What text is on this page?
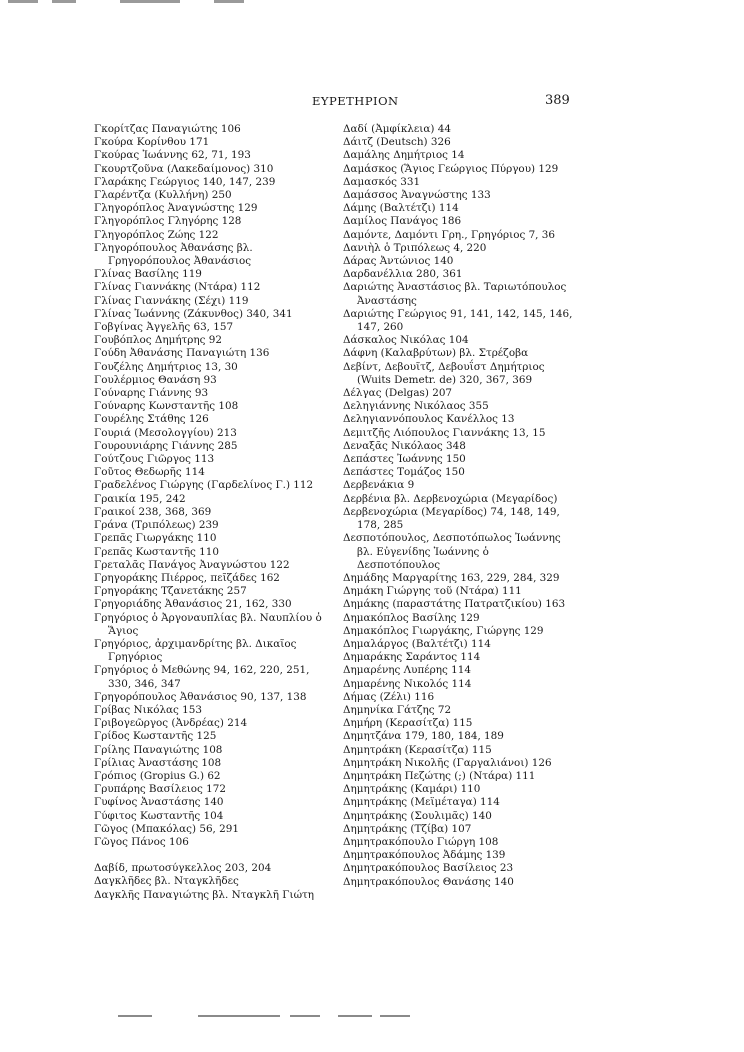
ΕΥΡΕΤΗΡΙΟΝ	389
Γκορίτζας Παναγιώτης 106
Γκούρα Κορίνθου 171
Γκούρας Ἰωάννης 62, 71, 193
Γκουρτζοῦνα (Λακεδαίμονος) 310
Γλαράκης Γεώργιος 140, 147, 239
Γλαρέντζα (Κυλλήνη) 250
Γληγορόπλος Ἀναγνώστης 129
Γληγορόπλος Γληγόρης 128
Γληγορόπλος Ζώης 122
Γληγορόπουλος Ἀθανάσης βλ. Γρηγορόπουλος Ἀθανάσιος
Γλίνας Βασίλης 119
Γλίνας Γιαννάκης (Ντάρα) 112
Γλίνας Γιαννάκης (Σέχι) 119
Γλίνας Ἰωάννης (Ζάκυνθος) 340, 341
Γοβγίνας Ἀγγελῆς 63, 157
Γουβόπλος Δημήτρης 92
Γούδη Ἀθανάσης Παναγιώτη 136
Γουζέλης Δημήτριος 13, 30
Γουλέρμιος Θανάση 93
Γούναρης Γιάννης 93
Γούναρης Κωνσταντῆς 108
Γουρέλης Στάθης 126
Γουριά (Μεσολογγίου) 213
Γουρουνιάρης Γιάννης 285
Γούτζους Γιῶργος 113
Γοῦτος Θεδωρῆς 114
Γραδελένος Γιώργης (Γαρδελίνος Γ.) 112
Γραικία 195, 242
Γραικοί 238, 368, 369
Γράνα (Τριπόλεως) 239
Γρεπᾶς Γιωργάκης 110
Γρεπᾶς Κωσταντῆς 110
Γρεταλᾶς Πανάγος Ἀναγνώστου 122
Γρηγοράκης Πιέρρος, πεῖζάδες 162
Γρηγοράκης Τζανετάκης 257
Γρηγοριάδης Ἀθανάσιος 21, 162, 330
Γρηγόριος ὁ Ἀργοναυπλίας βλ. Ναυπλίου ὁ Ἅγιος
Γρηγόριος, ἀρχιμανδρίτης βλ. Δικαῖος Γρηγόριος
Γρηγόριος ὁ Μεθώνης 94, 162, 220, 251, 330, 346, 347
Γρηγορόπουλος Ἀθανάσιος 90, 137, 138
Γρίβας Νικόλας 153
Γριβογεῶργος (Ἀνδρέας) 214
Γρίδος Κωσταντῆς 125
Γρίλης Παναγιώτης 108
Γρίλιας Ἀναστάσης 108
Γρόπιος (Gropius G.) 62
Γρυπάρης Βασίλειος 172
Γυφίνος Ἀναστάσης 140
Γύφιτος Κωσταντῆς 104
Γῶγος (Μπακόλας) 56, 291
Γῶγος Πάνος 106
Δαβίδ, πρωτοσύγκελλος 203, 204
Δαγκλῆδες βλ. Νταγκλῆδες
Δαγκλῆς Παναγιώτης βλ. Νταγκλῆ Γιώτη
Δαδί (Ἀμφίκλεια) 44
Δάιτζ (Deutsch) 326
Δαμάλης Δημήτριος 14
Δαμάσκος (Ἅγιος Γεώργιος Πύργου) 129
Δαμασκός 331
Δαμάσσος Ἀναγνώστης 133
Δάμης (Βαλτέτζι) 114
Δαμίλος Πανάγος 186
Δαμόντε, Δαμόντι Γρη., Γρηγόριος 7, 36
Δανιὴλ ὁ Τριπόλεως 4, 220
Δάρας Ἀντώνιος 140
Δαρδανέλλια 280, 361
Δαριώτης Ἀναστάσιος βλ. Ταριωτόπουλος Ἀναστάσης
Δαριώτης Γεώργιος 91, 141, 142, 145, 146, 147, 260
Δάσκαλος Νικόλας 104
Δάφνη (Καλαβρύτων) βλ. Στρέζοβα
Δεβίντ, Δεβουῖτζ, Δεβουΐστ Δημήτριος (Wuits Demetr. de) 320, 367, 369
Δέλγας (Delgas) 207
Δεληγιάννης Νικόλαος 355
Δεληγιαννόπουλος Κανέλλος 13
Δεμιτζῆς Λιόπουλος Γιαννάκης 13, 15
Δεναξᾶς Νικόλαος 348
Δεπάστες Ἰωάννης 150
Δεπάστες Τομάζος 150
Δερβενάκια 9
Δερβένια βλ. Δερβενοχώρια (Μεγαρίδος)
Δερβενοχώρια (Μεγαρίδος) 74, 148, 149, 178, 285
Δεσποτόπουλος, Δεσποτόπωλος Ἰωάννης βλ. Εὐγενίδης Ἰωάννης ὁ Δεσποτόπουλος
Δημάδης Μαργαρίτης 163, 229, 284, 329
Δημάκη Γιώργης τοῦ (Ντάρα) 111
Δημάκης (παραστάτης Πατρατζικίου) 163
Δημακόπλος Βασίλης 129
Δημακόπλος Γιωργάκης, Γιώργης 129
Δημαλάργος (Βαλτέτζι) 114
Δημαράκης Σαράντος 114
Δημαρένης Λυπέρης 114
Δημαρένης Νικολός 114
Δήμας (Ζέλι) 116
Δημηνίκα Γάτζης 72
Δημήρη (Κερασίτζα) 115
Δημητζάνα 179, 180, 184, 189
Δημητράκη (Κερασίτζα) 115
Δημητράκη Νικολῆς (Γαργαλιάνοι) 126
Δημητράκη Πεζώτης (;) (Ντάρα) 111
Δημητράκης (Καμάρι) 110
Δημητράκης (Μεϊμέταγα) 114
Δημητράκης (Σουλιμᾶς) 140
Δημητράκης (Τζίβα) 107
Δημητρακόπουλο Γιώργη 108
Δημητρακόπουλος Ἀδάμης 139
Δημητρακόπουλος Βασίλειος 23
Δημητρακόπουλος Θανάσης 140
